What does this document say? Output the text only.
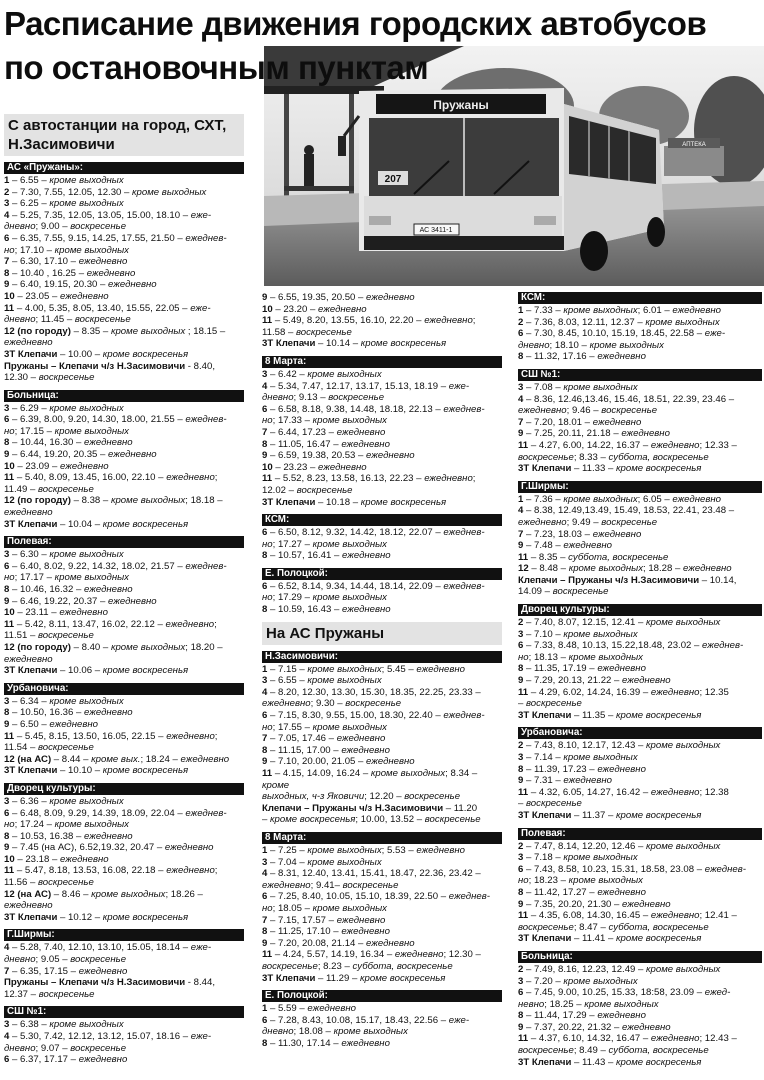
Расписание движения городских автобусов
по остановочным пунктам
АПТЕКА
Пружаны
207
АС 3411-1
С автостанции на город, СХТ, Н.Засимовичи
АС «Пружаны»:
1 – 6.55 – кроме выходных
2 – 7.30, 7.55, 12.05, 12.30 – кроме выходных
3 – 6.25 – кроме выходных
4 – 5.25, 7.35, 12.05, 13.05, 15.00, 18.10 – еже-
дневно; 9.00 – воскресенье
6 – 6.35, 7.55, 9.15, 14.25, 17.55, 21.50 – ежеднев-
но; 17.10 – кроме выходных
7 – 6.30, 17.10 – ежедневно
8 – 10.40 , 16.25 – ежедневно
9 – 6.40, 19.15, 20.30 – ежедневно
10 – 23.05 – ежедневно
11 – 4.00, 5.35, 8.05, 13.40, 15.55, 22.05 – еже-
дневно; 11.45 – воскресенье
12 (по городу) – 8.35 – кроме выходных ; 18.15 –
ежедневно
3Т Клепачи – 10.00 – кроме воскресенья
Пружаны – Клепачи ч/з Н.Засимовичи - 8.40,
12.30 – воскресенье
Больница:
3 – 6.29 – кроме выходных
6 – 6.39, 8.00, 9.20, 14.30, 18.00, 21.55 – ежеднев-
но; 17.15 – кроме выходных
8 – 10.44, 16.30 – ежедневно
9 – 6.44, 19.20, 20.35 – ежедневно
10 – 23.09 – ежедневно
11 – 5.40, 8.09, 13.45, 16.00, 22.10 – ежедневно;
11.49 – воскресенье
12 (по городу) – 8.38 – кроме выходных; 18.18 –
ежедневно
3Т Клепачи – 10.04 – кроме воскресенья
Полевая:
3 – 6.30 – кроме выходных
6 – 6.40, 8.02, 9.22, 14.32, 18.02, 21.57 – ежеднев-
но; 17.17 – кроме выходных
8 – 10.46, 16.32 – ежедневно
9 – 6.46, 19.22, 20.37 – ежедневно
10 – 23.11 – ежедневно
11 – 5.42, 8.11, 13.47, 16.02, 22.12 – ежедневно;
11.51 – воскресенье
12 (по городу) – 8.40 – кроме выходных; 18.20 –
ежедневно
3Т Клепачи – 10.06 – кроме воскресенья
Урбановича:
3 – 6.34 – кроме выходных
8 – 10.50, 16.36 – ежедневно
9 – 6.50 – ежедневно
11 – 5.45, 8.15, 13.50, 16.05, 22.15 – ежедневно;
11.54 – воскресенье
12 (на АС) – 8.44 – кроме вых.; 18.24 – ежедневно
3Т Клепачи – 10.10 – кроме воскресенья
Дворец культуры:
3 – 6.36 – кроме выходных
6 – 6.48, 8.09, 9.29, 14.39, 18.09, 22.04 – ежеднев-
но; 17.24 – кроме выходных
8 – 10.53, 16.38 – ежедневно
9 – 7.45 (на АС), 6.52,19.32, 20.47 – ежедневно
10 – 23.18 – ежедневно
11 – 5.47, 8.18, 13.53, 16.08, 22.18 – ежедневно;
11.56 – воскресенье
12 (на АС) – 8.46 – кроме выходных; 18.26 –
ежедневно
3Т Клепачи – 10.12 – кроме воскресенья
Г.Ширмы:
4 – 5.28, 7.40, 12.10, 13.10, 15.05, 18.14 – еже-
дневно; 9.05 – воскресенье
7 – 6.35, 17.15 – ежедневно
Пружаны – Клепачи ч/з Н.Засимовичи - 8.44,
12.37 – воскресенье
СШ №1:
3 – 6.38 – кроме выходных
4 – 5.30, 7.42, 12.12, 13.12, 15.07, 18.16 – еже-
дневно; 9.07 – воскресенье
6 – 6.37, 17.17 – ежедневно
9 – 6.55, 19.35, 20.50 – ежедневно
10 – 23.20 – ежедневно
11 – 5.49, 8.20, 13.55, 16.10, 22.20 – ежедневно;
11.58 – воскресенье
3Т Клепачи – 10.14 – кроме воскресенья
8 Марта:
3 – 6.42 – кроме выходных
4 – 5.34, 7.47, 12.17, 13.17, 15.13, 18.19 – еже-
дневно; 9.13 – воскресенье
6 – 6.58, 8.18, 9.38, 14.48, 18.18, 22.13 – ежеднев-
но; 17.33 – кроме выходных
7 – 6.44, 17.23 – ежедневно
8 – 11.05, 16.47 – ежедневно
9 – 6.59, 19.38, 20.53 – ежедневно
10 – 23.23 – ежедневно
11 – 5.52, 8.23, 13.58, 16.13, 22.23 – ежедневно;
12.02 – воскресенье
3Т Клепачи – 10.18 – кроме воскресенья
КСМ:
6 – 6.50, 8.12, 9.32, 14.42, 18.12, 22.07 – ежеднев-
но; 17.27 – кроме выходных
8 – 10.57, 16.41 – ежедневно
Е. Полоцкой:
6 – 6.52, 8.14, 9.34, 14.44, 18.14, 22.09 – ежеднев-
но; 17.29 – кроме выходных
8 – 10.59, 16.43 – ежедневно
На АС Пружаны
Н.Засимовичи:
1 – 7.15 – кроме выходных; 5.45 – ежедневно
3 – 6.55 – кроме выходных
4 – 8.20, 12.30, 13.30, 15.30, 18.35, 22.25, 23.33 –
ежедневно; 9.30 – воскресенье
6 – 7.15, 8.30, 9.55, 15.00, 18.30, 22.40 – ежеднев-
но; 17.55 – кроме выходных
7 – 7.05, 17.46 – ежедневно
8 – 11.15, 17.00 – ежедневно
9 – 7.10, 20.00, 21.05 – ежедневно
11 – 4.15, 14.09, 16.24 – кроме выходных; 8.34 – кроме
выходных, ч-з Яковичи; 12.20 – воскресенье
Клепачи – Пружаны ч/з Н.Засимовичи – 11.20
– кроме воскресенья; 10.00, 13.52 – воскресенье
8 Марта:
1 – 7.25 – кроме выходных; 5.53 – ежедневно
3 – 7.04 – кроме выходных
4 – 8.31, 12.40, 13.41, 15.41, 18.47, 22.36, 23.42 –
ежедневно; 9.41– воскресенье
6 – 7.25, 8.40, 10.05, 15.10, 18.39, 22.50 – ежеднев-
но; 18.05 – кроме выходных
7 – 7.15, 17.57 – ежедневно
8 – 11.25, 17.10 – ежедневно
9 – 7.20, 20.08, 21.14 – ежедневно
11 – 4.24, 5.57, 14.19, 16.34 – ежедневно; 12.30 –
воскресенье; 8.23 – суббота, воскресенье
3Т Клепачи – 11.29 – кроме воскресенья
Е. Полоцкой:
1 – 5.59 – ежедневно
6 – 7.28, 8.43, 10.08, 15.17, 18.43, 22.56 – еже-
дневно; 18.08 – кроме выходных
8 – 11.30, 17.14 – ежедневно
КСМ:
1 – 7.33 – кроме выходных; 6.01 – ежедневно
2 – 7.36, 8.03, 12.11, 12.37 – кроме выходных
6 – 7.30, 8.45, 10.10, 15.19, 18.45, 22.58 – еже-
дневно; 18.10 – кроме выходных
8 – 11.32, 17.16 – ежедневно
СШ №1:
3 – 7.08 – кроме выходных
4 – 8.36, 12.46,13.46, 15.46, 18.51, 22.39, 23.46 –
ежедневно; 9.46 – воскресенье
7 – 7.20, 18.01 – ежедневно
9 – 7.25, 20.11, 21.18 – ежедневно
11 – 4.27, 6.00, 14.22, 16.37 – ежедневно; 12.33 –
воскресенье; 8.33 – суббота, воскресенье
3Т Клепачи – 11.33 – кроме воскресенья
Г.Ширмы:
1 – 7.36 – кроме выходных; 6.05 – ежедневно
4 – 8.38, 12.49,13.49, 15.49, 18.53, 22.41, 23.48 –
ежедневно; 9.49 – воскресенье
7 – 7.23, 18.03 – ежедневно
9 – 7.48 – ежедневно
11 – 8.35 – суббота, воскресенье
12 – 8.48 – кроме выходных; 18.28 – ежедневно
Клепачи – Пружаны ч/з Н.Засимовичи – 10.14,
14.09 – воскресенье
Дворец культуры:
2 – 7.40, 8.07, 12.15, 12.41 – кроме выходных
3 – 7.10 – кроме выходных
6 – 7.33, 8.48, 10.13, 15.22,18.48, 23.02 – ежеднев-
но; 18.13 – кроме выходных
8 – 11.35, 17.19 – ежедневно
9 – 7.29, 20.13, 21.22 – ежедневно
11 – 4.29, 6.02, 14.24, 16.39 – ежедневно; 12.35
– воскресенье
3Т Клепачи – 11.35 – кроме воскресенья
Урбановича:
2 – 7.43, 8.10, 12.17, 12.43 – кроме выходных
3 – 7.14 – кроме выходных
8 – 11.39, 17.23 – ежедневно
9 – 7.31 – ежедневно
11 – 4.32, 6.05, 14.27, 16.42 – ежедневно; 12.38
– воскресенье
3Т Клепачи – 11.37 – кроме воскресенья
Полевая:
2 – 7.47, 8.14, 12.20, 12.46 – кроме выходных
3 – 7.18 – кроме выходных
6 – 7.43, 8.58, 10.23, 15.31, 18.58, 23.08 – ежеднев-
но; 18.23 – кроме выходных
8 – 11.42, 17.27 – ежедневно
9 – 7.35, 20.20, 21.30 – ежедневно
11 – 4.35, 6.08, 14.30, 16.45 – ежедневно; 12.41 –
воскресенье; 8.47 – суббота, воскресенье
3Т Клепачи – 11.41 – кроме воскресенья
Больница:
2 – 7.49, 8.16, 12.23, 12.49 – кроме выходных
3 – 7.20 – кроме выходных
6 – 7.45, 9.00, 10.25, 15.33, 18:58, 23.09 – ежед-
невно; 18.25 – кроме выходных
8 – 11.44, 17.29 – ежедневно
9 – 7.37, 20.22, 21.32 – ежедневно
11 – 4.37, 6.10, 14.32, 16.47 – ежедневно; 12.43 –
воскресенье; 8.49 – суббота, воскресенье
3Т Клепачи – 11.43 – кроме воскресенья
